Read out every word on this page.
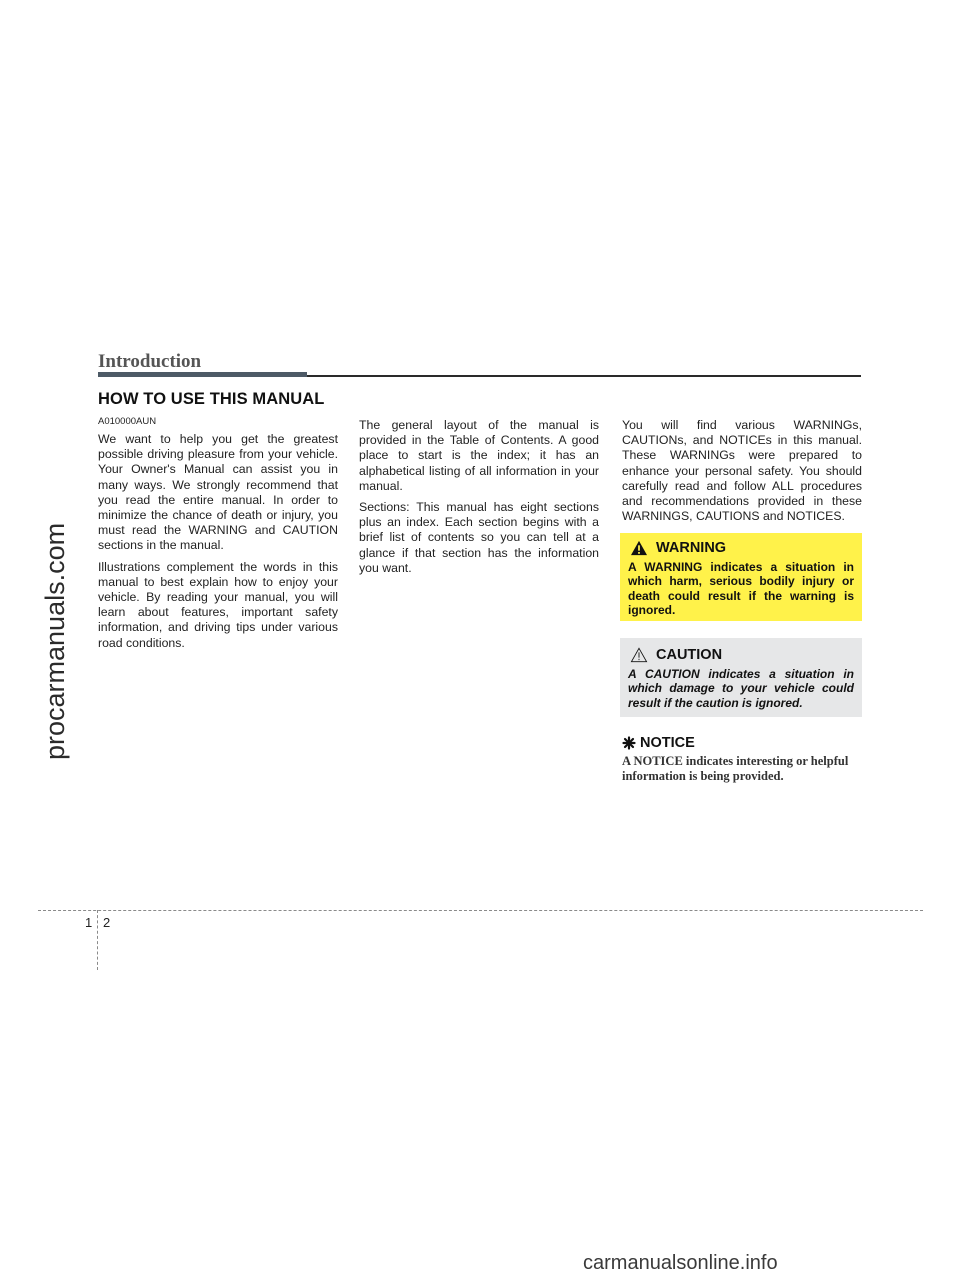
procarmanuals.com
Introduction
HOW TO USE THIS MANUAL
A010000AUN

We want to help you get the greatest possible driving pleasure from your vehicle. Your Owner's Manual can assist you in many ways. We strongly recommend that you read the entire manual. In order to minimize the chance of death or injury, you must read the WARNING and CAUTION sections in the manual.

Illustrations complement the words in this manual to best explain how to enjoy your vehicle. By reading your manual, you will learn about features, important safety information, and driving tips under various road conditions.

The general layout of the manual is provided in the Table of Contents. A good place to start is the index; it has an alphabetical listing of all information in your manual.

Sections: This manual has eight sections plus an index. Each section begins with a brief list of contents so you can tell at a glance if that section has the information you want.

You will find various WARNINGs, CAUTIONs, and NOTICEs in this manual. These WARNINGs were prepared to enhance your personal safety. You should carefully read and follow ALL procedures and recommendations provided in these WARNINGS, CAUTIONS and NOTICES.

WARNING
A WARNING indicates a situation in which harm, serious bodily injury or death could result if the warning is ignored.
CAUTION
A CAUTION indicates a situation in which damage to your vehicle could result if the caution is ignored.
NOTICE
A NOTICE indicates interesting or helpful information is being provided.
1 2
carmanualsonline.info
